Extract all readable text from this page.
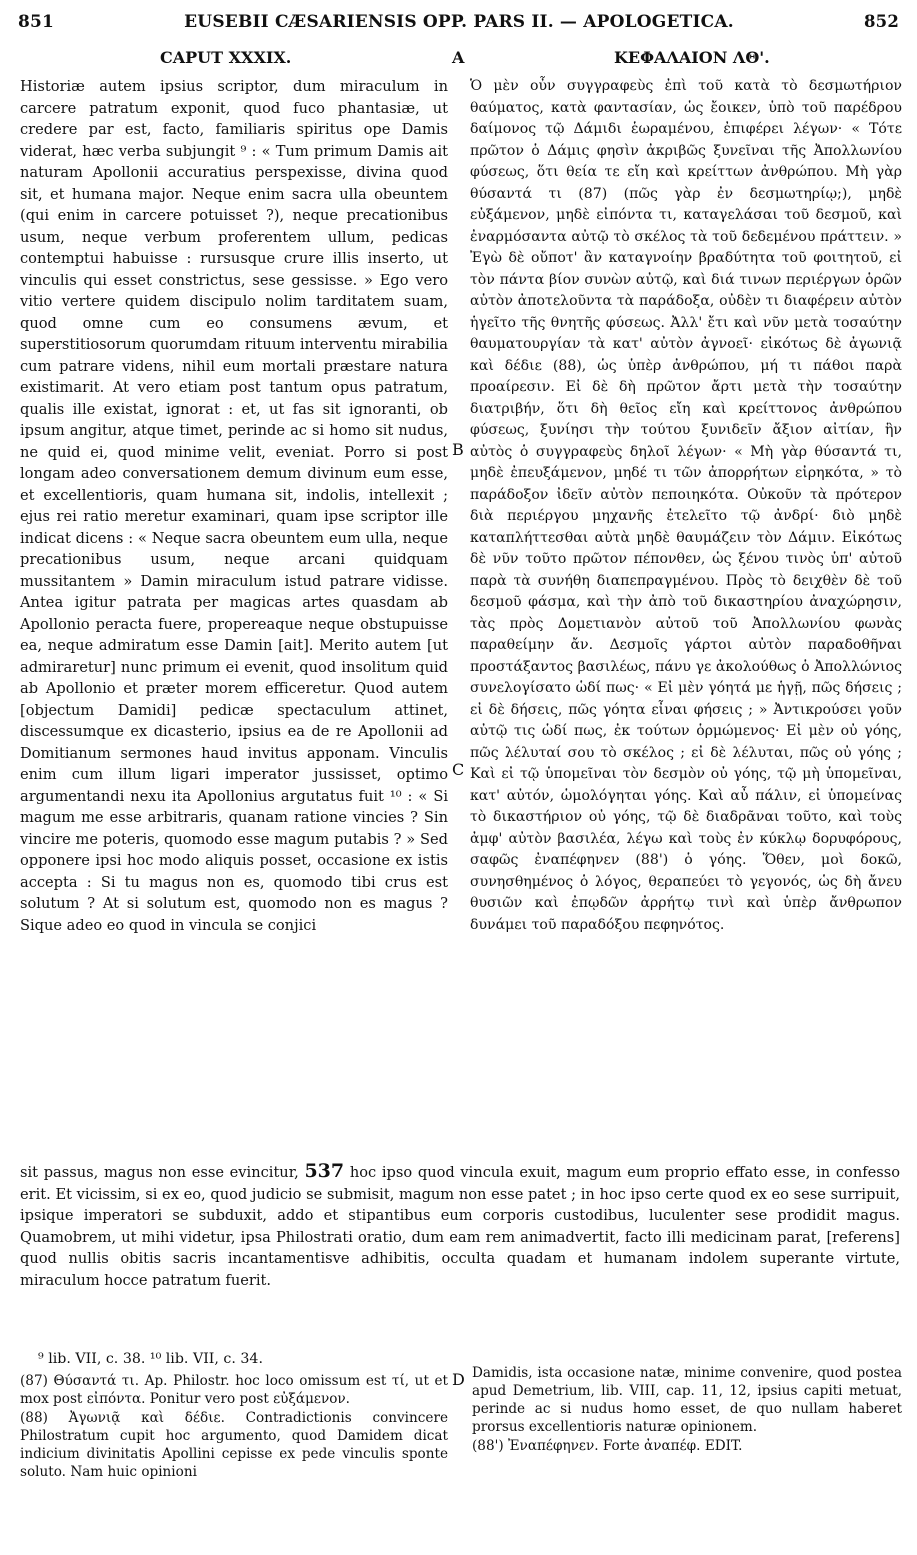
851	EUSEBII CÆSARIENSIS OPP. PARS II. — APOLOGETICA.	852
CAPUT XXXIX.	A	ΚΕΦΑΛΑΙΟΝ ΛΘ'.

Historiæ autem ipsius scriptor, dum miraculum in carcere patratum exponit, quod fuco phantasiæ, ut credere par est, facto, familiaris spiritus ope Damis viderat, hæc verba subjungit ⁹ : « Tum primum Damis ait naturam Apollonii accuratius perspexisse, divina quod sit, et humana major. Neque enim sacra ulla obeuntem (qui enim in carcere potuisset ?), neque precationibus usum, neque verbum proferentem ullum, pedicas contemptui habuisse : rursusque crure illis inserto, ut vinculis qui esset constrictus, sese gessisse. » Ego vero vitio vertere quidem discipulo nolim tarditatem suam, quod omne cum eo consumens ævum, et superstitiosorum quorumdam rituum interventu mirabilia cum patrare videns, nihil eum mortali præstare natura existimarit. At vero etiam post tantum opus patratum, qualis ille existat, ignorat : et, ut fas sit ignoranti, ob ipsum angitur, atque timet, perinde ac si homo sit nudus, ne quid ei, quod minime velit, eveniat. Porro si post longam adeo conversationem demum divinum eum esse, et excellentioris, quam humana sit, indolis, intellexit ; ejus rei ratio meretur examinari, quam ipse scriptor ille indicat dicens : « Neque sacra obeuntem eum ulla, neque precationibus usum, neque arcani quidquam mussitantem » Damin miraculum istud patrare vidisse. Antea igitur patrata per magicas artes quasdam ab Apollonio peracta fuere, propereaque neque obstupuisse ea, neque admiratum esse Damin [ait]. Merito autem [ut admiraretur] nunc primum ei evenit, quod insolitum quid ab Apollonio et præter morem efficeretur. Quod autem [objectum Damidi] pedicæ spectaculum attinet, discessumque ex dicasterio, ipsius ea de re Apollonii ad Domitianum sermones haud invitus apponam. Vinculis enim cum illum ligari imperator jussisset, optimo argumentandi nexu ita Apollonius argutatus fuit ¹⁰ : « Si magum me esse arbitraris, quanam ratione vincies ? Sin vincire me poteris, quomodo esse magum putabis ? » Sed opponere ipsi hoc modo aliquis posset, occasione ex istis accepta : Si tu magus non es, quomodo tibi crus est solutum ? At si solutum est, quomodo non es magus ? Sique adeo eo quod in vincula se conjici

B
C
D

Ὁ μὲν οὖν συγγραφεὺς ἐπὶ τοῦ κατὰ τὸ δεσμωτήριον θαύματος, κατὰ φαντασίαν, ὡς ἔοικεν, ὑπὸ τοῦ παρέδρου δαίμονος τῷ Δάμιδι ἑωραμένου, ἐπιφέρει λέγων· « Τότε πρῶτον ὁ Δάμις φησὶν ἀκριβῶς ξυνεῖναι τῆς Ἀπολλωνίου φύσεως, ὅτι θεία τε εἴη καὶ κρείττων ἀνθρώπου. Μὴ γὰρ θύσαντά τι (87) (πῶς γὰρ ἐν δεσμωτηρίῳ;), μηδὲ εὐξάμενον, μηδὲ εἰπόντα τι, καταγελάσαι τοῦ δεσμοῦ, καὶ ἐναρμόσαντα αὐτῷ τὸ σκέλος τὰ τοῦ δεδεμένου πράττειν. » Ἐγὼ δὲ οὔποτ' ἂν καταγνοίην βραδύτητα τοῦ φοιτητοῦ, εἰ τὸν πάντα βίον συνὼν αὐτῷ, καὶ διά τινων περιέργων ὁρῶν αὐτὸν ἀποτελοῦντα τὰ παράδοξα, οὐδὲν τι διαφέρειν αὐτὸν ἡγεῖτο τῆς θνητῆς φύσεως. Ἀλλ' ἔτι καὶ νῦν μετὰ τοσαύτην θαυματουργίαν τὰ κατ' αὐτὸν ἀγνοεῖ· εἰκότως δὲ ἀγωνιᾷ καὶ δέδιε (88), ὡς ὑπὲρ ἀνθρώπου, μή τι πάθοι παρὰ προαίρεσιν. Εἰ δὲ δὴ πρῶτον ἄρτι μετὰ τὴν τοσαύτην διατριβήν, ὅτι δὴ θεῖος εἴη καὶ κρείττονος ἀνθρώπου φύσεως, ξυνίησι τὴν τούτου ξυνιδεῖν ἄξιον αἰτίαν, ἣν αὐτὸς ὁ συγγραφεὺς δηλοῖ λέγων· « Μὴ γὰρ θύσαντά τι, μηδὲ ἐπευξάμενον, μηδέ τι τῶν ἀπορρήτων εἰρηκότα, » τὸ παράδοξον ἰδεῖν αὐτὸν πεποιηκότα. Οὐκοῦν τὰ πρότερον διὰ περιέργου μηχανῆς ἐτελεῖτο τῷ ἀνδρί· διὸ μηδὲ καταπλήττεσθαι αὐτὰ μηδὲ θαυμάζειν τὸν Δάμιν. Εἰκότως δὲ νῦν τοῦτο πρῶτον πέπονθεν, ὡς ξένου τινὸς ὑπ' αὐτοῦ παρὰ τὰ συνήθη διαπεπραγμένου. Πρὸς τὸ δειχθὲν δὲ τοῦ δεσμοῦ φάσμα, καὶ τὴν ἀπὸ τοῦ δικαστηρίου ἀναχώρησιν, τὰς πρὸς Δομετιανὸν αὐτοῦ τοῦ Ἀπολλωνίου φωνὰς παραθείμην ἄν. Δεσμοῖς γάρτοι αὐτὸν παραδοθῆναι προστάξαντος βασιλέως, πάνυ γε ἀκολούθως ὁ Ἀπολλώνιος συνελογίσατο ὡδί πως· « Εἰ μὲν γόητά με ἡγῇ, πῶς δήσεις ; εἰ δὲ δήσεις, πῶς γόητα εἶναι φήσεις ; » Ἀντικρούσει γοῦν αὐτῷ τις ὡδί πως, ἐκ τούτων ὁρμώμενος· Εἰ μὲν οὐ γόης, πῶς λέλυταί σου τὸ σκέλος ; εἰ δὲ λέλυται, πῶς οὐ γόης ; Καὶ εἰ τῷ ὑπομεῖναι τὸν δεσμὸν οὐ γόης, τῷ μὴ ὑπομεῖναι, κατ' αὐτόν, ὡμολόγηται γόης. Καὶ αὖ πάλιν, εἰ ὑπομείνας τὸ δικαστήριον οὐ γόης, τῷ δὲ διαδρᾶναι τοῦτο, καὶ τοὺς ἀμφ' αὐτὸν βασιλέα, λέγω καὶ τοὺς ἐν κύκλῳ δορυφόρους, σαφῶς ἐναπέφηνεν (88') ὁ γόης. Ὅθεν, μοὶ δοκῶ, συνησθημένος ὁ λόγος, θεραπεύει τὸ γεγονός, ὡς δὴ ἄνευ θυσιῶν καὶ ἐπῳδῶν ἀρρήτῳ τινὶ καὶ ὑπὲρ ἄνθρωπον δυνάμει τοῦ παραδόξου πεφηνότος.

sit passus, magus non esse evincitur, 537 hoc ipso quod vincula exuit, magum eum proprio effato esse, in confesso erit. Et vicissim, si ex eo, quod judicio se submisit, magum non esse patet ; in hoc ipso certe quod ex eo sese surripuit, ipsique imperatori se subduxit, addo et stipantibus eum corporis custodibus, luculenter sese prodidit magus. Quamobrem, ut mihi videtur, ipsa Philostrati oratio, dum eam rem animadvertit, facto illi medicinam parat, [referens] quod nullis obitis sacris incantamentisve adhibitis, occulta quadam et humanam indolem superante virtute, miraculum hocce patratum fuerit.

⁹ lib. VII, c. 38. ¹⁰ lib. VII, c. 34.

(87) Θύσαντά τι. Ap. Philostr. hoc loco omissum est τί, ut et mox post εἰπόντα. Ponitur vero post εὐξάμενον.

(88) Ἀγωνιᾷ καὶ δέδιε. Contradictionis convincere Philostratum cupit hoc argumento, quod Damidem dicat indicium divinitatis Apollini cepisse ex pede vinculis sponte soluto. Nam huic opinioni

Damidis, ista occasione natæ, minime convenire, quod postea apud Demetrium, lib. VIII, cap. 11, 12, ipsius capiti metuat, perinde ac si nudus homo esset, de quo nullam haberet prorsus excellentioris naturæ opinionem.

(88') Ἐναπέφηνεν. Forte ἀναπέφ. EDIT.
